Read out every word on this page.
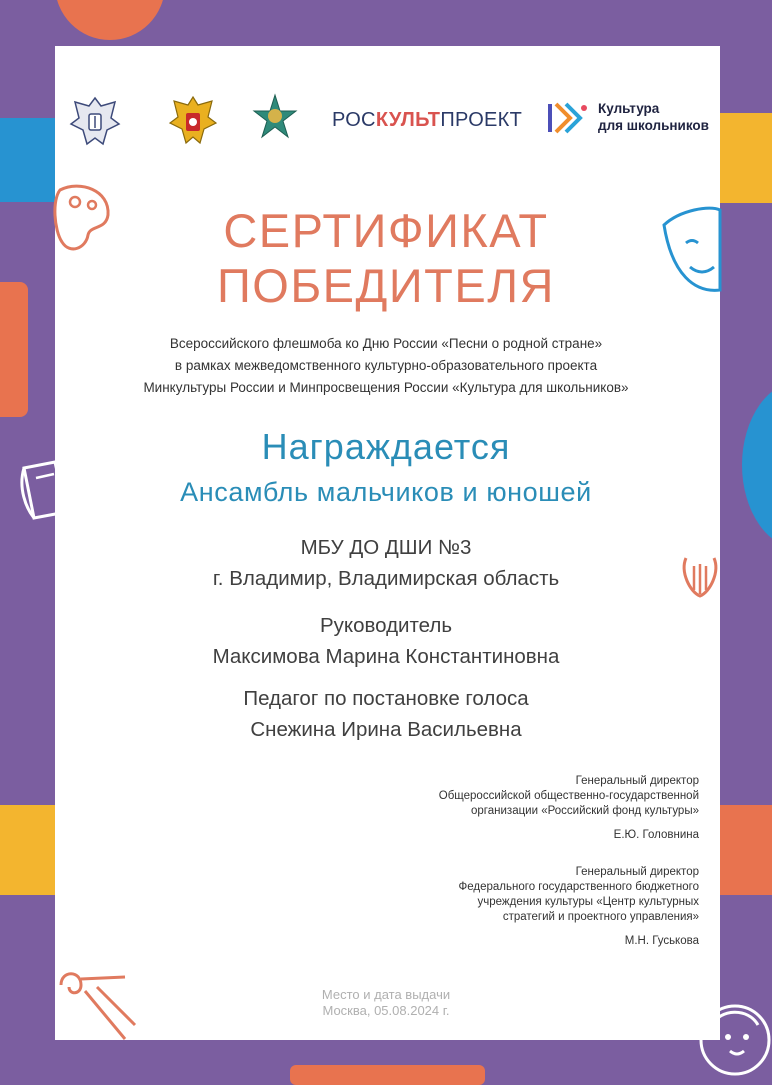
РОСКУЛЬТПРОЕКТ
Культура
для школьников
СЕРТИФИКАТ
ПОБЕДИТЕЛЯ
Всероссийского флешмоба ко Дню России «Песни о родной стране»
в рамках межведомственного культурно-образовательного проекта
Минкультуры России и Минпросвещения России «Культура для школьников»
Награждается
Ансамбль мальчиков и юношей
МБУ ДО ДШИ №3
г. Владимир, Владимирская область
Руководитель
Максимова Марина Константиновна
Педагог по постановке голоса
Снежина Ирина Васильевна
Генеральный директор
Общероссийской общественно-государственной
организации «Российский фонд культуры»
Е.Ю. Головнина
Генеральный директор
Федерального государственного бюджетного
учреждения культуры «Центр культурных
стратегий и проектного управления»
М.Н. Гуськова
Место и дата выдачи
Москва, 05.08.2024 г.
